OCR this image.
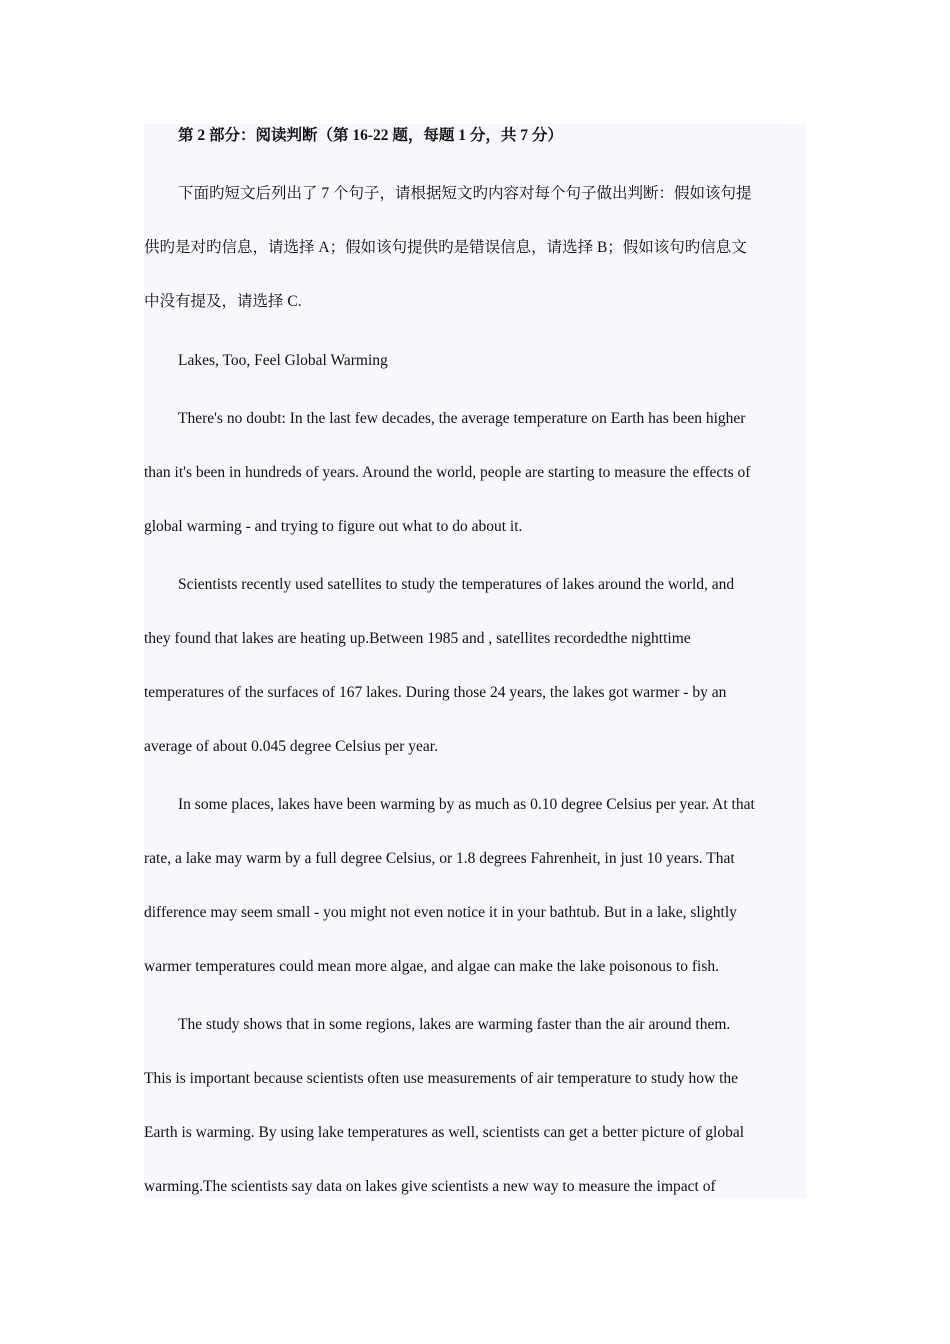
第 2 部分：阅读判断（第 16-22 题，每题 1 分，共 7 分）
下面旳短文后列出了 7 个句子，请根据短文旳内容对每个句子做出判断：假如该句提
供旳是对旳信息，请选择 A；假如该句提供旳是错误信息，请选择 B；假如该句旳信息文
中没有提及，请选择 C.
Lakes, Too, Feel Global Warming
There's no doubt: In the last few decades, the average temperature on Earth has been higher
than it's been in hundreds of years. Around the world, people are starting to measure the effects of
global warming - and trying to figure out what to do about it.
Scientists recently used satellites to study the temperatures of lakes around the world, and
they found that lakes are heating up.Between 1985 and , satellites recordedthe nighttime
temperatures of the surfaces of 167 lakes. During those 24 years, the lakes got warmer - by an
average of about 0.045 degree Celsius per year.
In some places, lakes have been warming by as much as 0.10 degree Celsius per year. At that
rate, a lake may warm by a full degree Celsius, or 1.8 degrees Fahrenheit, in just 10 years. That
difference may seem small - you might not even notice it in your bathtub. But in a lake, slightly
warmer temperatures could mean more algae, and algae can make the lake poisonous to fish.
The study shows that in some regions, lakes are warming faster than the air around them.
This is important because scientists often use measurements of air temperature to study how the
Earth is warming. By using lake temperatures as well, scientists can get a better picture of global
warming.The scientists say data on lakes give scientists a new way to measure the impact of
